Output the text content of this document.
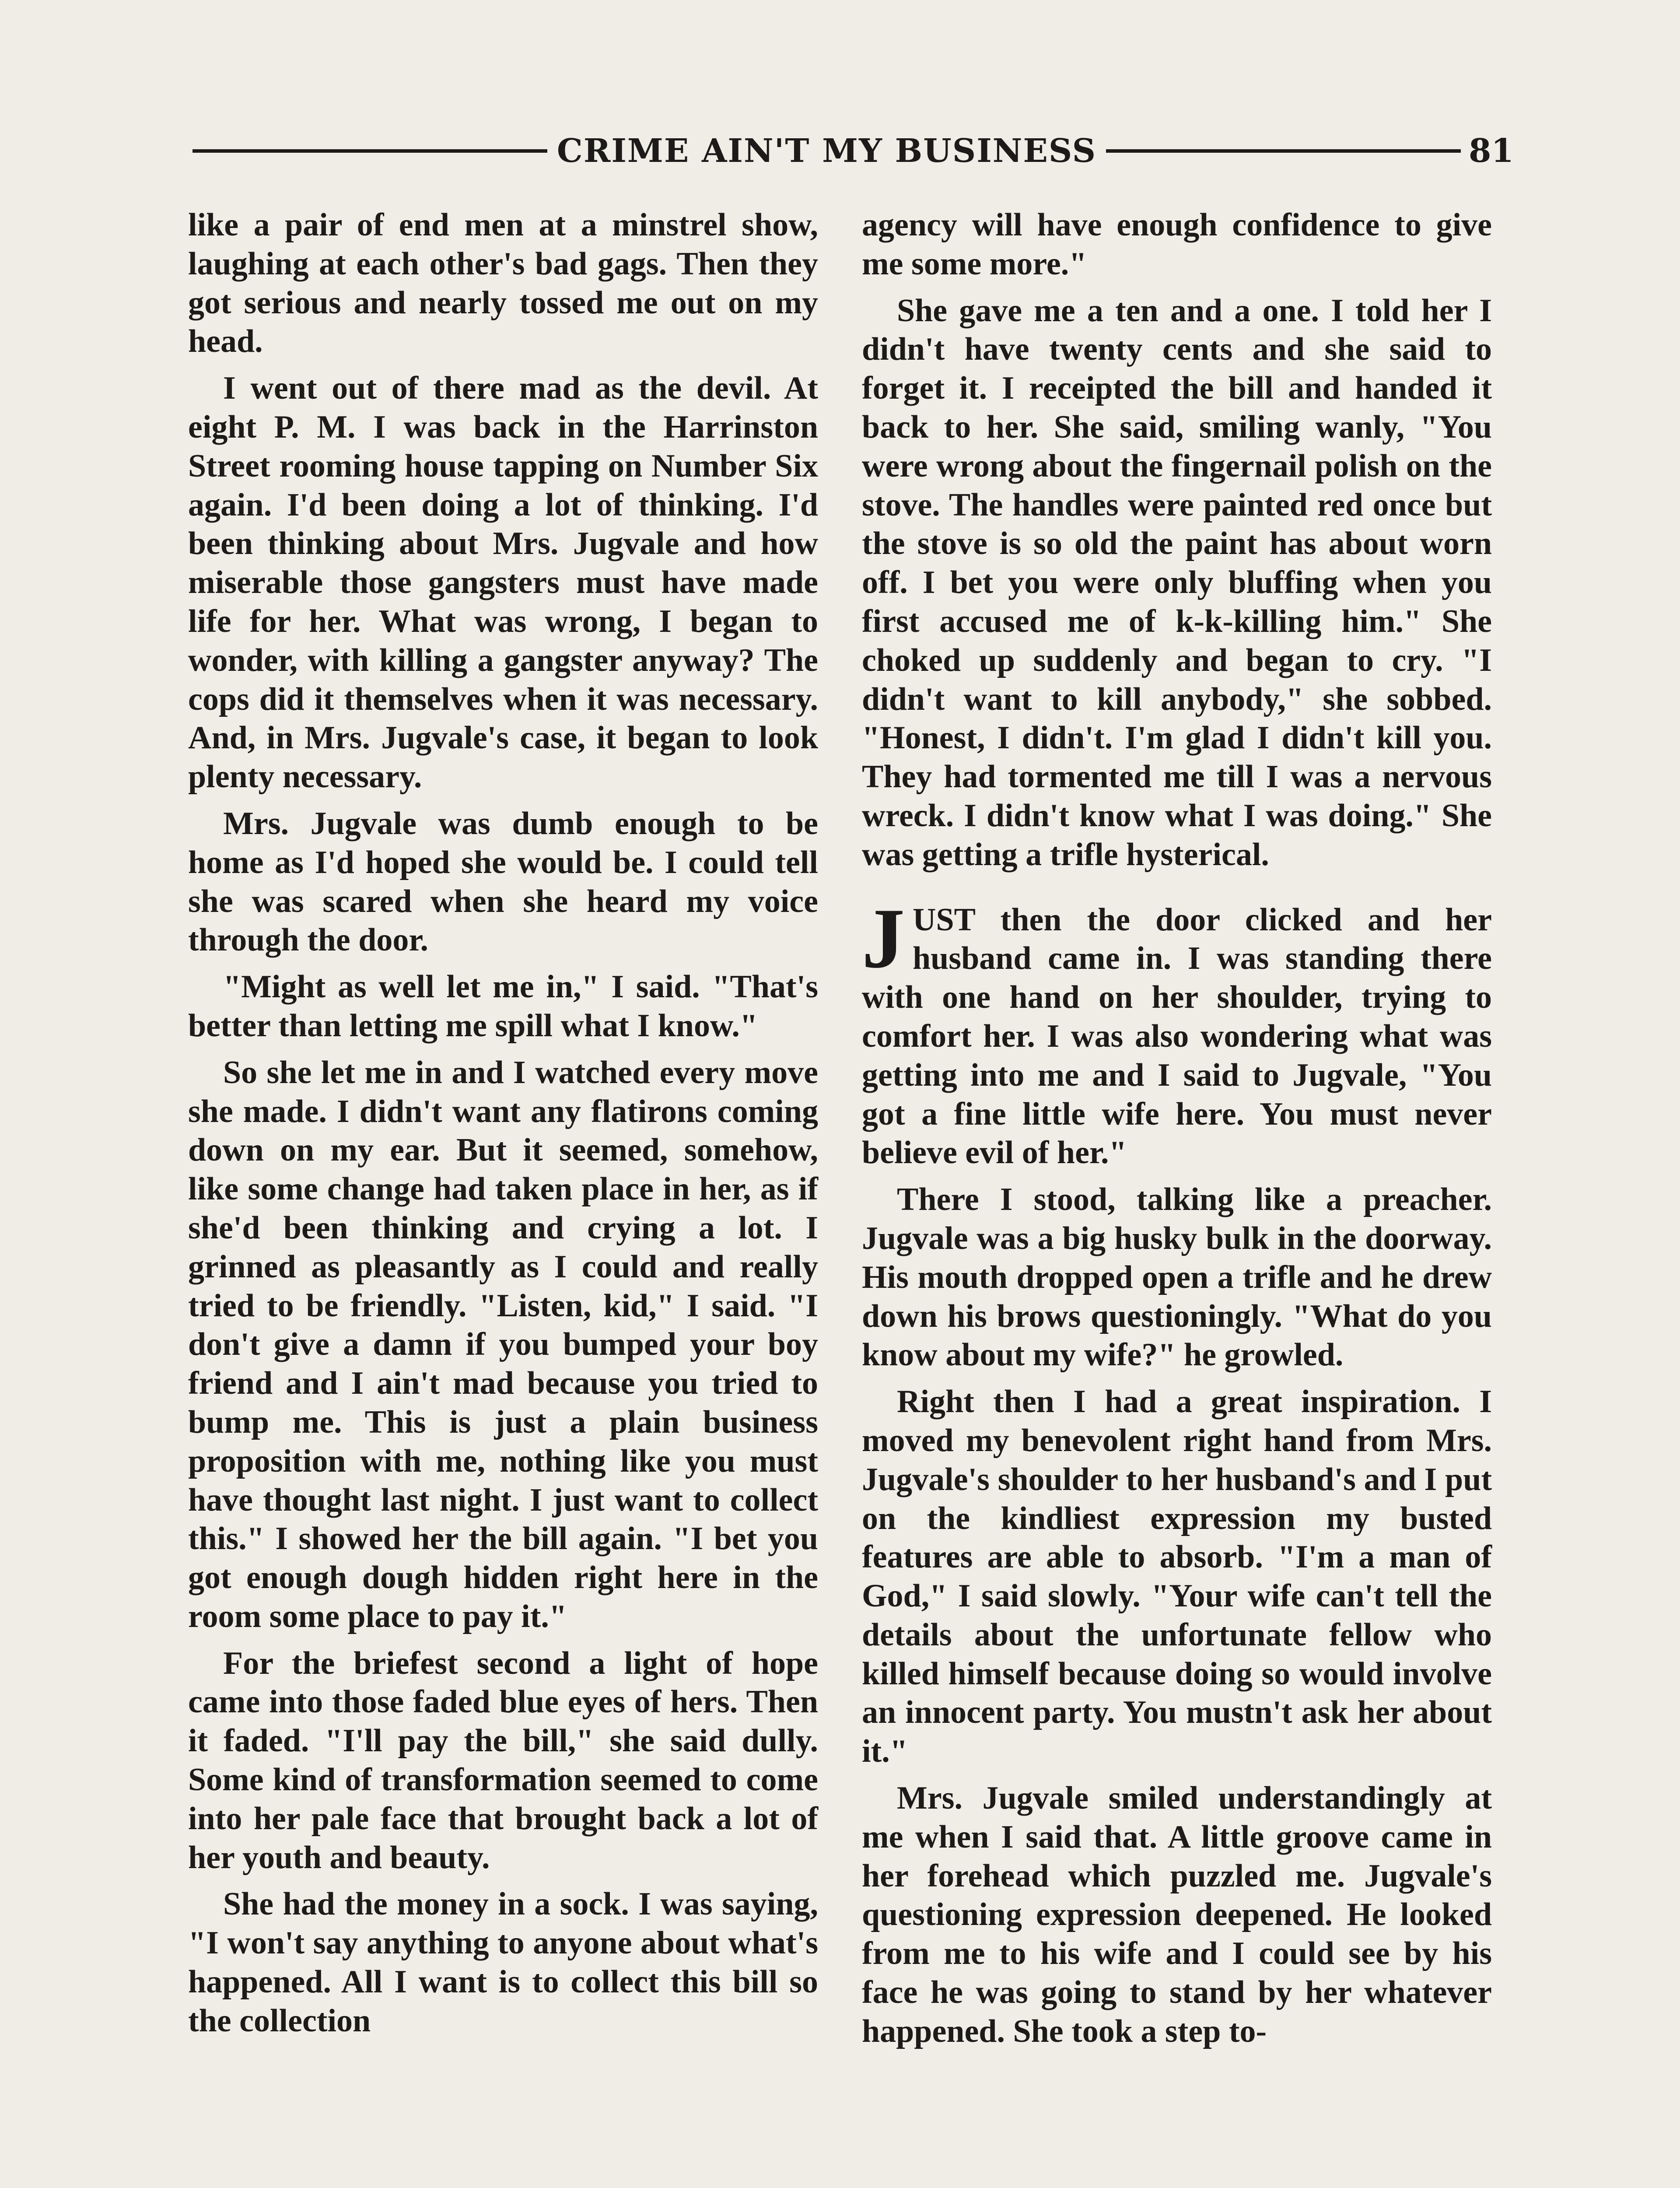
CRIME AIN'T MY BUSINESS	81

like a pair of end men at a minstrel show, laughing at each other's bad gags. Then they got serious and nearly tossed me out on my head.

I went out of there mad as the devil. At eight P. M. I was back in the Harrinston Street rooming house tapping on Number Six again. I'd been doing a lot of thinking. I'd been thinking about Mrs. Jugvale and how miserable those gangsters must have made life for her. What was wrong, I began to wonder, with killing a gangster anyway? The cops did it themselves when it was necessary. And, in Mrs. Jugvale's case, it began to look plenty necessary.

Mrs. Jugvale was dumb enough to be home as I'd hoped she would be. I could tell she was scared when she heard my voice through the door.

"Might as well let me in," I said. "That's better than letting me spill what I know."

So she let me in and I watched every move she made. I didn't want any flatirons coming down on my ear. But it seemed, somehow, like some change had taken place in her, as if she'd been thinking and crying a lot. I grinned as pleasantly as I could and really tried to be friendly. "Listen, kid," I said. "I don't give a damn if you bumped your boy friend and I ain't mad because you tried to bump me. This is just a plain business proposition with me, nothing like you must have thought last night. I just want to collect this." I showed her the bill again. "I bet you got enough dough hidden right here in the room some place to pay it."

For the briefest second a light of hope came into those faded blue eyes of hers. Then it faded. "I'll pay the bill," she said dully. Some kind of transformation seemed to come into her pale face that brought back a lot of her youth and beauty.

She had the money in a sock. I was saying, "I won't say anything to anyone about what's happened. All I want is to collect this bill so the collection

agency will have enough confidence to give me some more."

She gave me a ten and a one. I told her I didn't have twenty cents and she said to forget it. I receipted the bill and handed it back to her. She said, smiling wanly, "You were wrong about the fingernail polish on the stove. The handles were painted red once but the stove is so old the paint has about worn off. I bet you were only bluffing when you first accused me of k-k-killing him." She choked up suddenly and began to cry. "I didn't want to kill anybody," she sobbed. "Honest, I didn't. I'm glad I didn't kill you. They had tormented me till I was a nervous wreck. I didn't know what I was doing." She was getting a trifle hysterical.

JUST then the door clicked and her husband came in. I was standing there with one hand on her shoulder, trying to comfort her. I was also wondering what was getting into me and I said to Jugvale, "You got a fine little wife here. You must never believe evil of her."

There I stood, talking like a preacher. Jugvale was a big husky bulk in the doorway. His mouth dropped open a trifle and he drew down his brows questioningly. "What do you know about my wife?" he growled.

Right then I had a great inspiration. I moved my benevolent right hand from Mrs. Jugvale's shoulder to her husband's and I put on the kindliest expression my busted features are able to absorb. "I'm a man of God," I said slowly. "Your wife can't tell the details about the unfortunate fellow who killed himself because doing so would involve an innocent party. You mustn't ask her about it."

Mrs. Jugvale smiled understandingly at me when I said that. A little groove came in her forehead which puzzled me. Jugvale's questioning expression deepened. He looked from me to his wife and I could see by his face he was going to stand by her whatever happened. She took a step to-
